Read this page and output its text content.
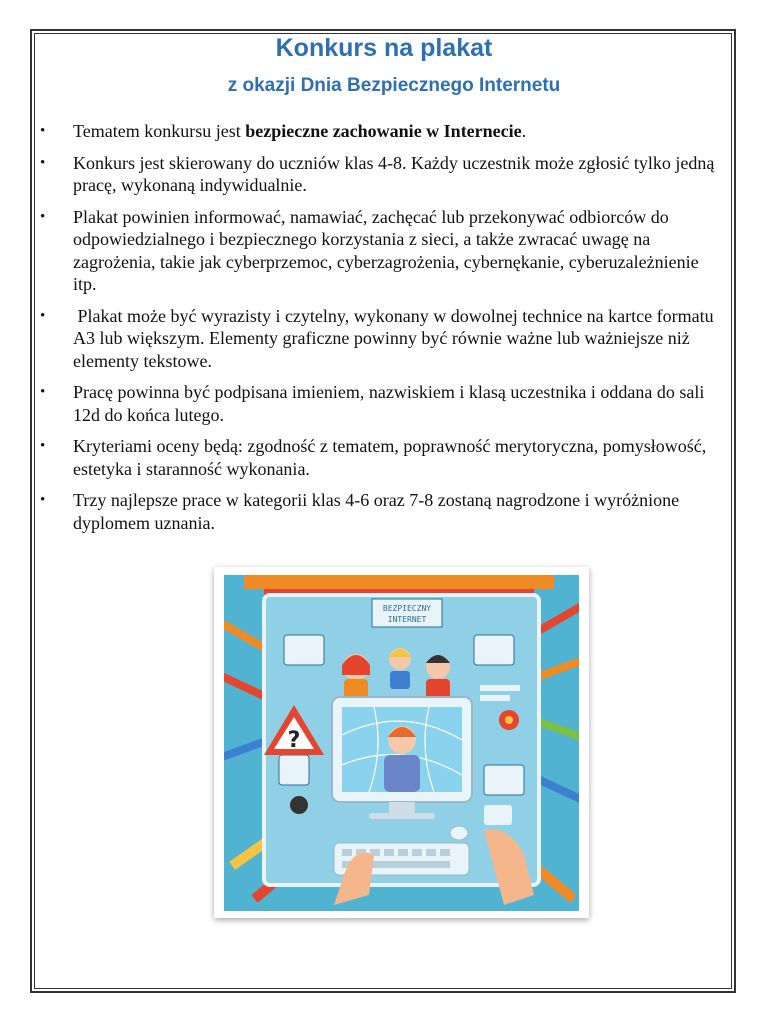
Konkurs na plakat
z okazji Dnia Bezpiecznego Internetu
•	Tematem konkursu jest bezpieczne zachowanie w Internecie.
•	Konkurs jest skierowany do uczniów klas 4-8. Każdy uczestnik może zgłosić tylko jedną pracę, wykonaną indywidualnie.
•	Plakat powinien informować, namawiać, zachęcać lub przekonywać odbiorców do odpowiedzialnego i bezpiecznego korzystania z sieci, a także zwracać uwagę na zagrożenia, takie jak cyberprzemoc, cyberzagrożenia, cybernękanie, cyberuzależnienie itp.
•	Plakat może być wyrazisty i czytelny, wykonany w dowolnej technice na kartce formatu A3 lub większym. Elementy graficzne powinny być równie ważne lub ważniejsze niż elementy tekstowe.
•	Pracę powinna być podpisana imieniem, nazwiskiem i klasą uczestnika i oddana do sali 12d do końca lutego.
•	Kryteriami oceny będą: zgodność z tematem, poprawność merytoryczna, pomysłowość, estetyka i staranność wykonania.
•	Trzy najlepsze prace w kategorii klas 4-6 oraz 7-8 zostaną nagrodzone i wyróżnione dyplomem uznania.
BEZPIECZNY
INTERNET
?
